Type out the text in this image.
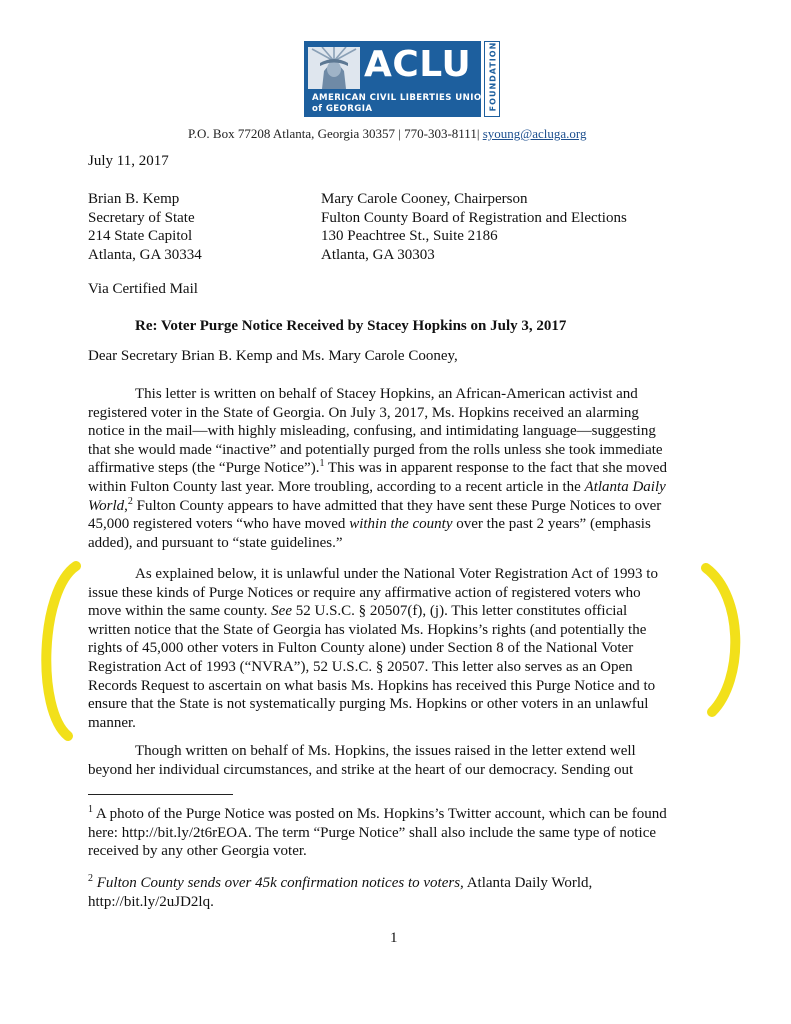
ACLU
AMERICAN CIVIL LIBERTIES UNION
of GEORGIA	FOUNDATION
P.O. Box 77208 Atlanta, Georgia 30357 | 770-303-8111| syoung@acluga.org
July 11, 2017
Brian B. Kemp
Secretary of State
214 State Capitol
Atlanta, GA 30334
Mary Carole Cooney, Chairperson
Fulton County Board of Registration and Elections
130 Peachtree St., Suite 2186
Atlanta, GA 30303
Via Certified Mail
Re: Voter Purge Notice Received by Stacey Hopkins on July 3, 2017
Dear Secretary Brian B. Kemp and Ms. Mary Carole Cooney,
This letter is written on behalf of Stacey Hopkins, an African-American activist and
registered voter in the State of Georgia. On July 3, 2017, Ms. Hopkins received an alarming
notice in the mail—with highly misleading, confusing, and intimidating language—suggesting
that she would made “inactive” and potentially purged from the rolls unless she took immediate
affirmative steps (the “Purge Notice”).$^1$ This was in apparent response to the fact that she moved
within Fulton County last year. More troubling, according to a recent article in the Atlanta Daily
World,$^2$ Fulton County appears to have admitted that they have sent these Purge Notices to over
45,000 registered voters “who have moved within the county over the past 2 years” (emphasis
added), and pursuant to “state guidelines.”
As explained below, it is unlawful under the National Voter Registration Act of 1993 to
issue these kinds of Purge Notices or require any affirmative action of registered voters who
move within the same county. See 52 U.S.C. § 20507(f), (j). This letter constitutes official
written notice that the State of Georgia has violated Ms. Hopkins’s rights (and potentially the
rights of 45,000 other voters in Fulton County alone) under Section 8 of the National Voter
Registration Act of 1993 (“NVRA”), 52 U.S.C. § 20507. This letter also serves as an Open
Records Request to ascertain on what basis Ms. Hopkins has received this Purge Notice and to
ensure that the State is not systematically purging Ms. Hopkins or other voters in an unlawful
manner.
Though written on behalf of Ms. Hopkins, the issues raised in the letter extend well
beyond her individual circumstances, and strike at the heart of our democracy. Sending out
$^1$ A photo of the Purge Notice was posted on Ms. Hopkins’s Twitter account, which can be found
here: http://bit.ly/2t6rEOA. The term “Purge Notice” shall also include the same type of notice
received by any other Georgia voter.
$^2$ Fulton County sends over 45k confirmation notices to voters, Atlanta Daily World,
http://bit.ly/2uJD2lq.
1
